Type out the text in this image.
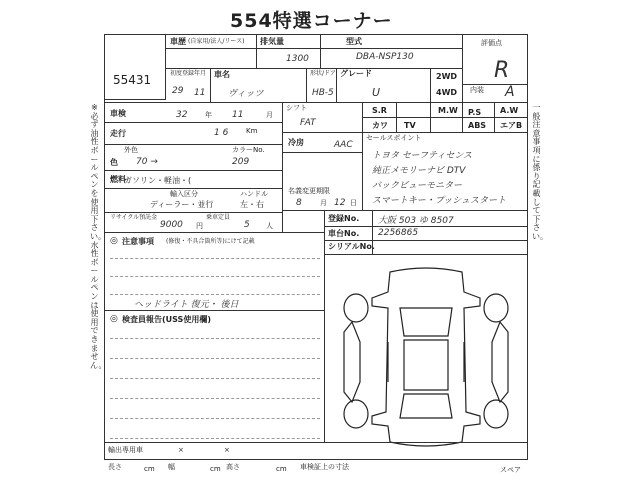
554特選コーナー
55431
評価点
R
内装 A
車歴 (自家用/法人/リース) 排気量
1300
型式
DBA-NSP130
初度登録年月 車名
29 11	ヴィッツ
形状/ドア
HB-5
グレード
U
2WD
4WD
車検	32	年 11	月
走行	1 6	Km
色
外色	カラーNo.
70 →	209
燃料
ガソリン・軽油・(
輸入区分	ハンドル
ディーラー・並行	左・右
リサイクル預託金
9000 円
乗車定員
5 人
シフト
FAT
冷房	AAC
名義変更期限
8	月 12 日
S.R	M.W	A.W
カワ TV
P.S
ABS エアB
セールスポイント
トヨタ セーフティセンス
純正メモリーナビ DTV
バックビューモニター
スマートキー・プッシュスタート
登録No. 大阪 503 ゆ 8507
車台No. 2256865
シリアルNo.
◎ 注意事項 (修復・不具合箇所等)にけて記載
ヘッドライト 復元・ 後日
◎ 検査員報告(USS使用欄)
輸出専用車	×	×
長さ	cm 幅	cm 高さ	cm 車検証上の寸法	スペア
※必ず油性ボールペンを使用下さい。水性ボールペンは使用できません。
一般注意事項に係り記載して下さい。
